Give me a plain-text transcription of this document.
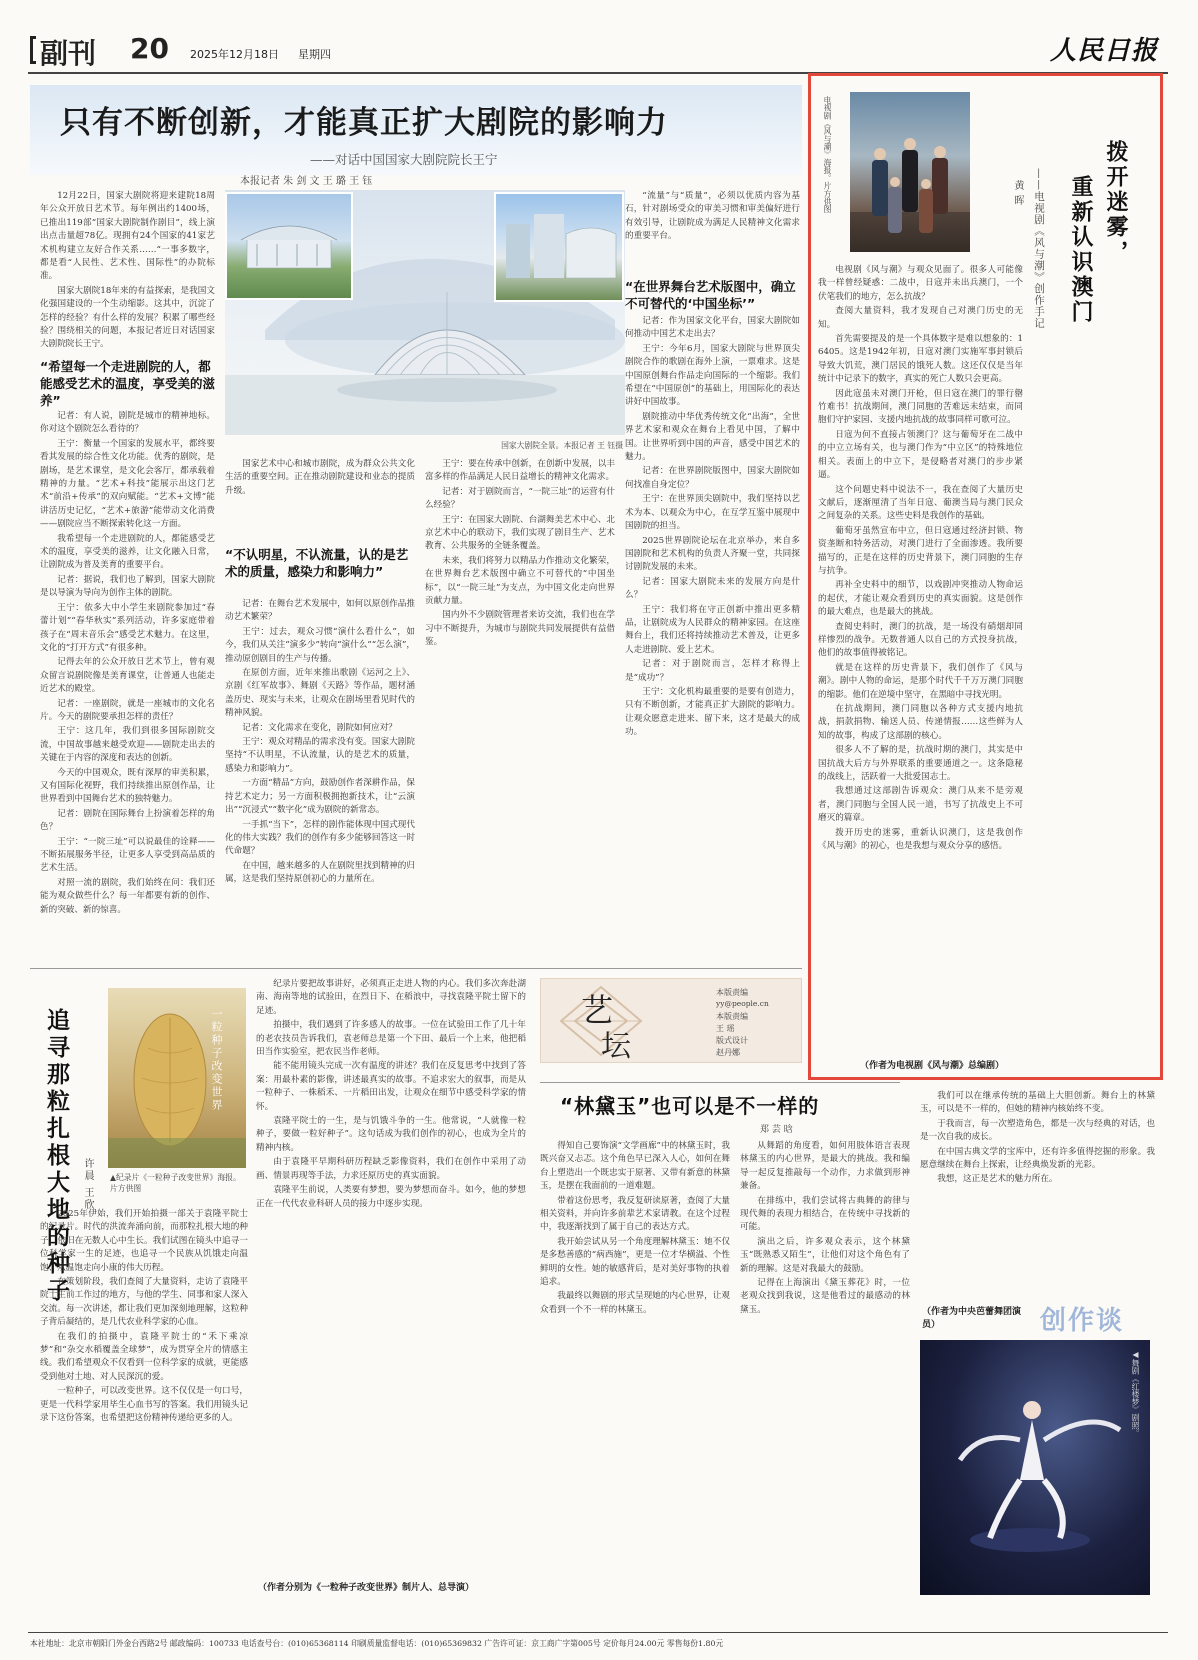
副刊 20 2025年12月18日 星期四	人民日报
只有不断创新，才能真正扩大剧院的影响力
——对话中国国家大剧院院长王宁
本报记者 朱 剑 文 王 璐 王 钰

12月22日，国家大剧院将迎来建院18周年公众开放日艺术节。每年例出约1400场，已推出119部“国家大剧院制作剧目”，线上演出点击量超78亿。现拥有24个国家的41家艺术机构建立友好合作关系……“一事多数字，都是看“人民性、艺术性、国际性”的办院标准。

国家大剧院18年来的有益探索，是我国文化强国建设的一个生动缩影。这其中，沉淀了怎样的经验？有什么样的发展？积累了哪些经验？围绕相关的问题，本报记者近日对话国家大剧院院长王宁。

“希望每一个走进剧院的人，都能感受艺术的温度，享受美的滋养”

记者：有人说，剧院是城市的精神地标。你对这个剧院怎么看待的？

王宁：衡量一个国家的发展水平，都终要看其发展的综合性文化功能。优秀的剧院，是剧场，是艺术课堂，是文化会客厅，都承载着精神的力量。“艺术+科技”能展示出这门艺术“前沿+传承”的双向赋能。“艺术+文博”能讲活历史记忆，“艺术+旅游”能带动文化消费——剧院应当不断探索转化这一方面。

我希望每一个走进剧院的人，都能感受艺术的温度，享受美的滋养，让文化融入日常，让剧院成为普及美育的重要平台。

记者：据说，我们也了解到，国家大剧院是以导演为导向为创作主体的剧院。

王宁：依多大中小学生来剧院参加过“春蕾计划”“春华秋实”系列活动，许多家庭带着孩子在“周末音乐会”感受艺术魅力。在这里，文化的“打开方式”有很多种。

记得去年的公众开放日艺术节上，曾有观众留言说剧院像是美育课堂，让普通人也能走近艺术的殿堂。

记者：一座剧院，就是一座城市的文化名片。今天的剧院要承担怎样的责任？

王宁：这几年，我们到很多国际剧院交流，中国故事越来越受欢迎——剧院走出去的关键在于内容的深度和表达的创新。

今天的中国观众，既有深厚的审美积累，又有国际化视野，我们持续推出原创作品，让世界看到中国舞台艺术的独特魅力。

记者：剧院在国际舞台上扮演着怎样的角色？

王宁：“一院三址”可以说最佳的诠释——不断拓展服务半径，让更多人享受到高品质的艺术生活。

对照一流的剧院，我们始终在问：我们还能为观众做些什么？每一年都要有新的创作、新的突破、新的惊喜。

国家大剧院全景。本报记者 王 钰摄

国家艺术中心和城市剧院，成为群众公共文化生活的重要空间。正在推动剧院建设和业态的提质升级。

“不认明星，不认流量，认的是艺术的质量，感染力和影响力”

记者：在舞台艺术发展中，如何以原创作品推动艺术繁荣？

王宁：过去，观众习惯“演什么看什么”，如今，我们从关注“演多少”转向“演什么”“怎么演”，推动原创剧目的生产与传播。

在原创方面，近年来推出歌剧《运河之上》、京剧《红军故事》、舞剧《天路》等作品，题材涵盖历史、现实与未来，让观众在剧场里看见时代的精神风貌。

记者：文化需求在变化，剧院如何应对？

王宁：观众对精品的需求没有变。国家大剧院坚持“不认明星，不认流量，认的是艺术的质量，感染力和影响力”。

一方面“精品”方向，鼓励创作者深耕作品，保持艺术定力；另一方面积极拥抱新技术，让“云演出”“沉浸式”“数字化”成为剧院的新常态。

一手抓“当下”，怎样的剧作能体现中国式现代化的伟大实践？我们的创作有多少能够回答这一时代命题？

在中国，越来越多的人在剧院里找到精神的归属，这是我们坚持原创初心的力量所在。

王宁：要在传承中创新，在创新中发展，以丰富多样的作品满足人民日益增长的精神文化需求。

记者：对于剧院而言，“一院三址”的运营有什么经验？

王宁：在国家大剧院、台湖舞美艺术中心、北京艺术中心的联动下，我们实现了剧目生产、艺术教育、公共服务的全链条覆盖。

未来，我们将努力以精品力作推动文化繁荣，在世界舞台艺术版图中确立不可替代的“中国坐标”，以“一院三址”为支点，为中国文化走向世界贡献力量。

国内外不少剧院管理者来访交流，我们也在学习中不断提升，为城市与剧院共同发展提供有益借鉴。

“流量”与“质量”，必须以优质内容为基石，针对剧场受众的审美习惯和审美偏好进行有效引导，让剧院成为满足人民精神文化需求的重要平台。

“在世界舞台艺术版图中，确立不可替代的‘中国坐标’”

记者：作为国家文化平台，国家大剧院如何推动中国艺术走出去？

王宁：今年6月，国家大剧院与世界顶尖剧院合作的歌剧在海外上演，一票难求。这是中国原创舞台作品走向国际的一个缩影。我们希望在“中国原创”的基础上，用国际化的表达讲好中国故事。

剧院推动中华优秀传统文化“出海”，全世界艺术家和观众在舞台上看见中国，了解中国。让世界听到中国的声音，感受中国艺术的魅力。

记者：在世界剧院版图中，国家大剧院如何找准自身定位？

王宁：在世界顶尖剧院中，我们坚持以艺术为本、以观众为中心，在互学互鉴中展现中国剧院的担当。

2025世界剧院论坛在北京举办，来自多国剧院和艺术机构的负责人齐聚一堂，共同探讨剧院发展的未来。

记者：国家大剧院未来的发展方向是什么？

王宁：我们将在守正创新中推出更多精品，让剧院成为人民群众的精神家园。在这座舞台上，我们还将持续推动艺术普及，让更多人走进剧院、爱上艺术。

记者：对于剧院而言，怎样才称得上是“成功”？

王宁：文化机构最重要的是要有创造力，只有不断创新，才能真正扩大剧院的影响力。让观众愿意走进来、留下来，这才是最大的成功。

电视剧《风与潮》海报。片方供图	拨开迷雾，
重新认识澳门
——电视剧《风与潮》创作手记
黄 晖

电视剧《风与潮》与观众见面了。很多人可能像我一样曾经疑惑：二战中，日寇并未出兵澳门，一个伏笔我们的地方，怎么抗战？

查阅大量资料，我才发现自己对澳门历史的无知。

首先需要提及的是一个具体数字是难以想象的：16405。这是1942年初，日寇对澳门实施军事封锁后导致大饥荒，澳门居民的饿死人数。这还仅仅是当年统计中记录下的数字，真实的死亡人数只会更高。

因此寇虽未对澳门开枪，但日寇在澳门的罪行罄竹难书！抗战期间，澳门同胞的苦难远未结束，而同胞们守护家园、支援内地抗战的故事同样可歌可泣。

日寇为何不直接占领澳门？这与葡萄牙在二战中的中立立场有关，也与澳门作为“中立区”的特殊地位相关。表面上的中立下，是侵略者对澳门的步步紧逼。

这个问题史料中说法不一，我在查阅了大量历史文献后，逐渐厘清了当年日寇、葡澳当局与澳门民众之间复杂的关系。这些史料是我创作的基础。

葡萄牙虽然宣布中立，但日寇通过经济封锁、物资垄断和特务活动，对澳门进行了全面渗透。我所要描写的，正是在这样的历史背景下，澳门同胞的生存与抗争。

再补全史料中的细节，以戏剧冲突推动人物命运的起伏，才能让观众看到历史的真实面貌。这是创作的最大难点，也是最大的挑战。

查阅史料时，澳门的抗战，是一场没有硝烟却同样惨烈的战争。无数普通人以自己的方式投身抗战，他们的故事值得被铭记。

就是在这样的历史背景下，我们创作了《风与潮》。剧中人物的命运，是那个时代千千万万澳门同胞的缩影。他们在逆境中坚守，在黑暗中寻找光明。

在抗战期间，澳门同胞以各种方式支援内地抗战，捐款捐物、输送人员、传递情报……这些鲜为人知的故事，构成了这部剧的核心。

很多人不了解的是，抗战时期的澳门，其实是中国抗战大后方与外界联系的重要通道之一。这条隐秘的战线上，活跃着一大批爱国志士。

我想通过这部剧告诉观众：澳门从来不是旁观者，澳门同胞与全国人民一道，书写了抗战史上不可磨灭的篇章。

拨开历史的迷雾，重新认识澳门，这是我创作《风与潮》的初心，也是我想与观众分享的感悟。

（作者为电视剧《风与潮》总编剧）
追寻那粒扎根大地的种子	许晨 王欣
一粒种子改变世界
▲纪录片《一粒种子改变世界》海报。片方供图

2025年伊始，我们开始拍摄一部关于袁隆平院士的纪录片。时代的洪流奔涌向前，而那粒扎根大地的种子，依旧在无数人心中生长。我们试图在镜头中追寻一位科学家一生的足迹，也追寻一个民族从饥饿走向温饱、从温饱走向小康的伟大历程。

在策划阶段，我们查阅了大量资料，走访了袁隆平院士生前工作过的地方，与他的学生、同事和家人深入交流。每一次讲述，都让我们更加深刻地理解，这粒种子背后凝结的，是几代农业科学家的心血。

在我们的拍摄中，袁隆平院士的“禾下乘凉梦”和“杂交水稻覆盖全球梦”，成为贯穿全片的情感主线。我们希望观众不仅看到一位科学家的成就，更能感受到他对土地、对人民深沉的爱。

一粒种子，可以改变世界。这不仅仅是一句口号，更是一代科学家用毕生心血书写的答案。我们用镜头记录下这份答案，也希望把这份精神传递给更多的人。

纪录片要把故事讲好，必须真正走进人物的内心。我们多次奔赴湖南、海南等地的试验田，在烈日下、在稻浪中，寻找袁隆平院士留下的足迹。

拍摄中，我们遇到了许多感人的故事。一位在试验田工作了几十年的老农技员告诉我们，袁老师总是第一个下田、最后一个上来，他把稻田当作实验室，把农民当作老师。

能不能用镜头完成一次有温度的讲述？我们在反复思考中找到了答案：用最朴素的影像，讲述最真实的故事。不追求宏大的叙事，而是从一粒种子、一株稻禾、一片稻田出发，让观众在细节中感受科学家的情怀。

袁隆平院士的一生，是与饥饿斗争的一生。他常说，“人就像一粒种子，要做一粒好种子”。这句话成为我们创作的初心，也成为全片的精神内核。

由于袁隆平早期科研历程缺乏影像资料，我们在创作中采用了动画、情景再现等手法，力求还原历史的真实面貌。

袁隆平生前说，人类要有梦想，要为梦想而奋斗。如今，他的梦想正在一代代农业科研人员的接力中逐步实现。

（作者分别为《一粒种子改变世界》制片人、总导演）
艺
坛
本版责编
yy@people.cn
本版责编
王 瑶
版式设计
赵丹娜
“林黛玉”也可以是不一样的
郑 芸 晗

得知自己要饰演“文学画廊”中的林黛玉时，我既兴奋又忐忑。这个角色早已深入人心，如何在舞台上塑造出一个既忠实于原著、又带有新意的林黛玉，是摆在我面前的一道难题。

带着这份思考，我反复研读原著，查阅了大量相关资料，并向许多前辈艺术家请教。在这个过程中，我逐渐找到了属于自己的表达方式。

我开始尝试从另一个角度理解林黛玉：她不仅是多愁善感的“病西施”，更是一位才华横溢、个性鲜明的女性。她的敏感背后，是对美好事物的执着追求。

我最终以舞剧的形式呈现她的内心世界，让观众看到一个不一样的林黛玉。

从舞蹈的角度看，如何用肢体语言表现林黛玉的内心世界，是最大的挑战。我和编导一起反复推敲每一个动作，力求做到形神兼备。

在排练中，我们尝试将古典舞的韵律与现代舞的表现力相结合，在传统中寻找新的可能。

演出之后，许多观众表示，这个林黛玉“既熟悉又陌生”，让他们对这个角色有了新的理解。这是对我最大的鼓励。

记得在上海演出《黛玉葬花》时，一位老观众找到我说，这是他看过的最感动的林黛玉。

我们可以在继承传统的基础上大胆创新。舞台上的林黛玉，可以是不一样的，但她的精神内核始终不变。

于我而言，每一次塑造角色，都是一次与经典的对话，也是一次自我的成长。

在中国古典文学的宝库中，还有许多值得挖掘的形象。我愿意继续在舞台上探索，让经典焕发新的光彩。

我想，这正是艺术的魅力所在。

（作者为中央芭蕾舞团演员）	创作谈
◀舞剧《红楼梦》剧照。
本社地址：北京市朝阳门外金台西路2号 邮政编码：100733 电话查号台：(010)65368114 印刷质量监督电话：(010)65369832 广告许可证：京工商广字第005号 定价每月24.00元 零售每份1.80元
